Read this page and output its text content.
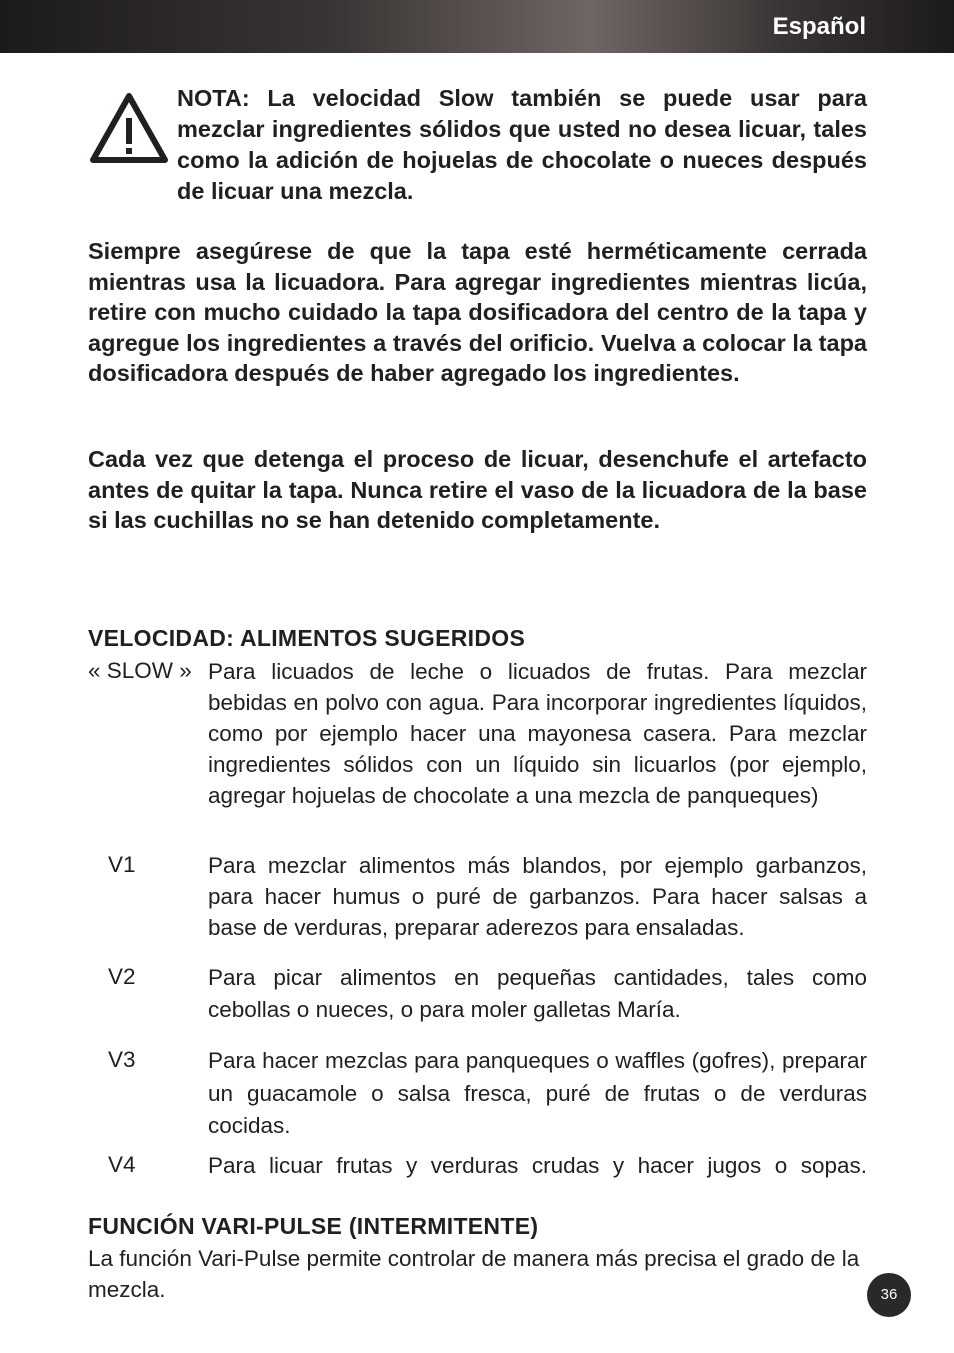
Español
NOTA: La velocidad Slow también se puede usar para mezclar ingredientes sólidos que usted no desea licuar, tales como la adición de hojuelas de chocolate o nueces después de licuar una mezcla.
Siempre asegúrese de que la tapa esté herméticamente cerrada mientras usa la licuadora. Para agregar ingredientes mientras licúa, retire con mucho cuidado la tapa dosificadora del centro de la tapa y agregue los ingredientes a través del orificio. Vuelva a colocar la tapa dosificadora después de haber agregado los ingredientes.
Cada vez que detenga el proceso de licuar, desenchufe el artefacto antes de quitar la tapa. Nunca retire el vaso de la licuadora de la base si las cuchillas no se han detenido completamente.
VELOCIDAD: ALIMENTOS SUGERIDOS
« SLOW » Para licuados de leche o licuados de frutas. Para mezclar bebidas en polvo con agua. Para incorporar ingredientes líquidos, como por ejemplo hacer una mayonesa casera. Para mezclar ingredientes sólidos con un líquido sin licuarlos (por ejemplo, agregar hojuelas de chocolate a una mezcla de panqueques)
V1	Para mezclar alimentos más blandos, por ejemplo garbanzos, para hacer humus o puré de garbanzos. Para hacer salsas a base de verduras, preparar aderezos para ensaladas.
V2	Para picar alimentos en pequeñas cantidades, tales como cebollas o nueces, o para moler galletas María.
V3	Para hacer mezclas para panqueques o waffles (gofres), preparar un guacamole o salsa fresca, puré de frutas o de verduras cocidas.
V4	Para licuar frutas y verduras crudas y hacer jugos o sopas.
FUNCIÓN VARI-PULSE (INTERMITENTE)
La función Vari-Pulse permite controlar de manera más precisa el grado de la mezcla.	36
